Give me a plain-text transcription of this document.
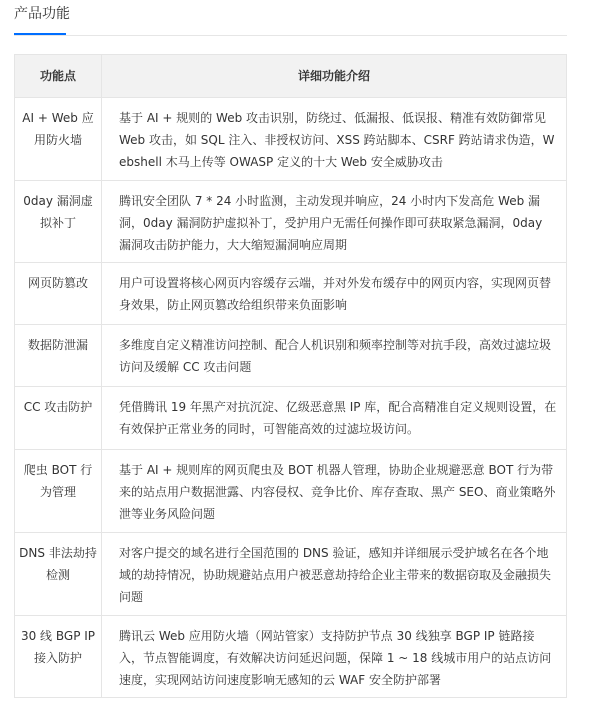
产品功能
功能点	详细功能介绍
AI + Web 应用防火墙	基于 AI + 规则的 Web 攻击识别，防绕过、低漏报、低误报、精准有效防御常见 Web 攻击，如 SQL 注入、非授权访问、XSS 跨站脚本、CSRF 跨站请求伪造，Webshell 木马上传等 OWASP 定义的十大 Web 安全威胁攻击
0day 漏洞虚拟补丁	腾讯安全团队 7 * 24 小时监测，主动发现并响应，24 小时内下发高危 Web 漏洞，0day 漏洞防护虚拟补丁，受护用户无需任何操作即可获取紧急漏洞，0day 漏洞攻击防护能力，大大缩短漏洞响应周期
网页防篡改	用户可设置将核心网页内容缓存云端，并对外发布缓存中的网页内容，实现网页替身效果，防止网页篡改给组织带来负面影响
数据防泄漏	多维度自定义精准访问控制、配合人机识别和频率控制等对抗手段，高效过滤垃圾访问及缓解 CC 攻击问题
CC 攻击防护	凭借腾讯 19 年黑产对抗沉淀、亿级恶意黑 IP 库，配合高精准自定义规则设置，在有效保护正常业务的同时，可智能高效的过滤垃圾访问。
爬虫 BOT 行为管理	基于 AI + 规则库的网页爬虫及 BOT 机器人管理，协助企业规避恶意 BOT 行为带来的站点用户数据泄露、内容侵权、竞争比价、库存查取、黑产 SEO、商业策略外泄等业务风险问题
DNS 非法劫持检测	对客户提交的域名进行全国范围的 DNS 验证，感知并详细展示受护域名在各个地域的劫持情况，协助规避站点用户被恶意劫持给企业主带来的数据窃取及金融损失问题
30 线 BGP IP 接入防护	腾讯云 Web 应用防火墙（网站管家）支持防护节点 30 线独享 BGP IP 链路接入，节点智能调度，有效解决访问延迟问题，保障 1 ~ 18 线城市用户的站点访问速度，实现网站访问速度影响无感知的云 WAF 安全防护部署
